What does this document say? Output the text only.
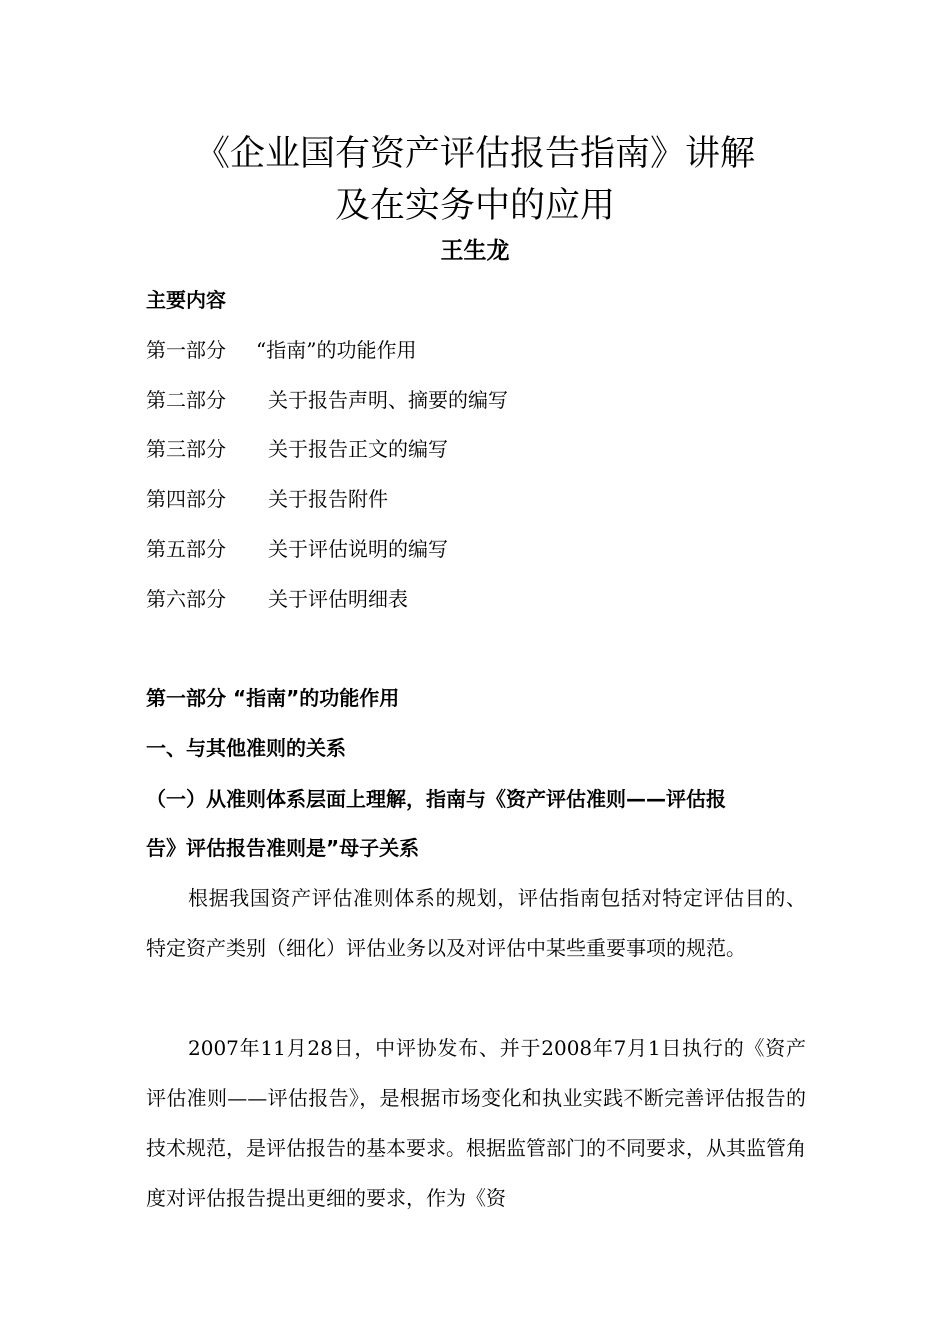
《企业国有资产评估报告指南》讲解
及在实务中的应用
王生龙
主要内容
第一部分 “指南”的功能作用
第二部分 关于报告声明、摘要的编写
第三部分 关于报告正文的编写
第四部分 关于报告附件
第五部分 关于评估说明的编写
第六部分 关于评估明细表
第一部分 “指南”的功能作用
一、与其他准则的关系
（一）从准则体系层面上理解，指南与《资产评估准则——评估报
告》评估报告准则是”母子关系
根据我国资产评估准则体系的规划，评估指南包括对特定评估目的、特定资产类别（细化）评估业务以及对评估中某些重要事项的规范。
2007年11月28日，中评协发布、并于2008年7月1日执行的《资产评估准则——评估报告》，是根据市场变化和执业实践不断完善评估报告的技术规范，是评估报告的基本要求。根据监管部门的不同要求，从其监管角度对评估报告提出更细的要求，作为《资
